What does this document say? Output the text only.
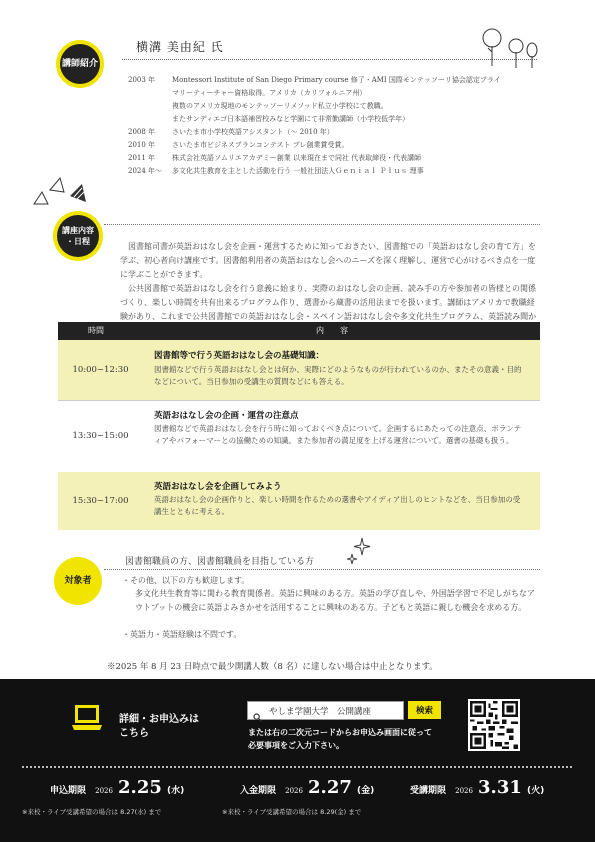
講師紹介
横溝 美由紀 氏
2003 年 Montessori Institute of San Diego Primary course 修了・AMI 国際モンテッソーリ協会認定プライ
マリーティーチャー資格取得。アメリカ（カリフォルニア州）
複数のアメリカ現地のモンテッソーリメソッド私立小学校にて教職。
またサンディエゴ日本語補習校みなと学園にて非常勤講師（小学校低学年）
2008 年 さいたま市小学校英語アシスタント（～ 2010 年）
2010 年 さいたま市ビジネスプランコンテスト プレ創業賞受賞。
2011 年 株式会社英語ソムリエアカデミー創業 以来現在まで同社 代表取締役・代表講師
2024 年～ 多文化共生教育を主とした活動を行う 一般社団法人Ｇｅｎｉａｌ Ｐｌｕｓ 理事
講座内容
・日程
図書館司書が英語おはなし会を企画・運営するために知っておきたい、図書館での「英語おはなし会の育て方」を学ぶ、初心者向け講座です。図書館利用者の英語おはなし会へのニーズを深く理解し、運営で心がけるべき点を一度に学ぶことができます。
公共図書館で英語おはなし会を行う意義に始まり、実際のおはなし会の企画、読み手の方や参加者の皆様との関係づくり、楽しい時間を共有出来るプログラム作り、選書から蔵書の活用法までを扱います。講師はアメリカで教職経験があり、これまで公共図書館での英語おはなし会・スペイン語おはなし会や多文化共生プログラム、英語読み聞か
時間	内　　容
10:00~12:30
図書館等で行う英語おはなし会の基礎知識：
図書館などで行う英語おはなし会とは何か、実際にどのようなものが行われているのか、またその意義・目的などについて。当日参加の受講生の質問などにも答える。
13:30~15:00
英語おはなし会の企画・運営の注意点
図書館などで英語おはなし会を行う時に知っておくべき点について。企画するにあたっての注意点、ボランティアやパフォーマーとの協働ための知識。また参加者の満足度を上げる運営について。選書の基礎も扱う。
15:30~17:00
英語おはなし会を企画してみよう
英語おはなし会の企画作りと、楽しい時間を作るための選書やアイディア出しのヒントなどを、当日参加の受講生とともに考える。
対象者
図書館職員の方、図書館職員を目指している方
・その他、以下の方も歓迎します。
多文化共生教育等に関わる教育関係者。英語に興味のある方。英語の学び直しや、外国語学習で不足しがちなアウトプットの機会に英語よみきかせを活用することに興味のある方。子どもと英語に親しむ機会を求める方。
・英語力・英語経験は不問です。
※2025 年 8 月 23 日時点で最少開講人数（8 名）に達しない場合は中止となります。
詳細・お申込みは
こちら
やしま学園大学　公開講座	検索
または右の二次元コードからお申込み画面に従って
必要事項をご入力下さい。
申込期限 2026 2.25 (水)
※来校・ライブ受講希望の場合は 8.27(水) まで
入金期限 2026 2.27 (金)
※来校・ライブ受講希望の場合は 8.29(金) まで
受講期限 2026 3.31 (火)
